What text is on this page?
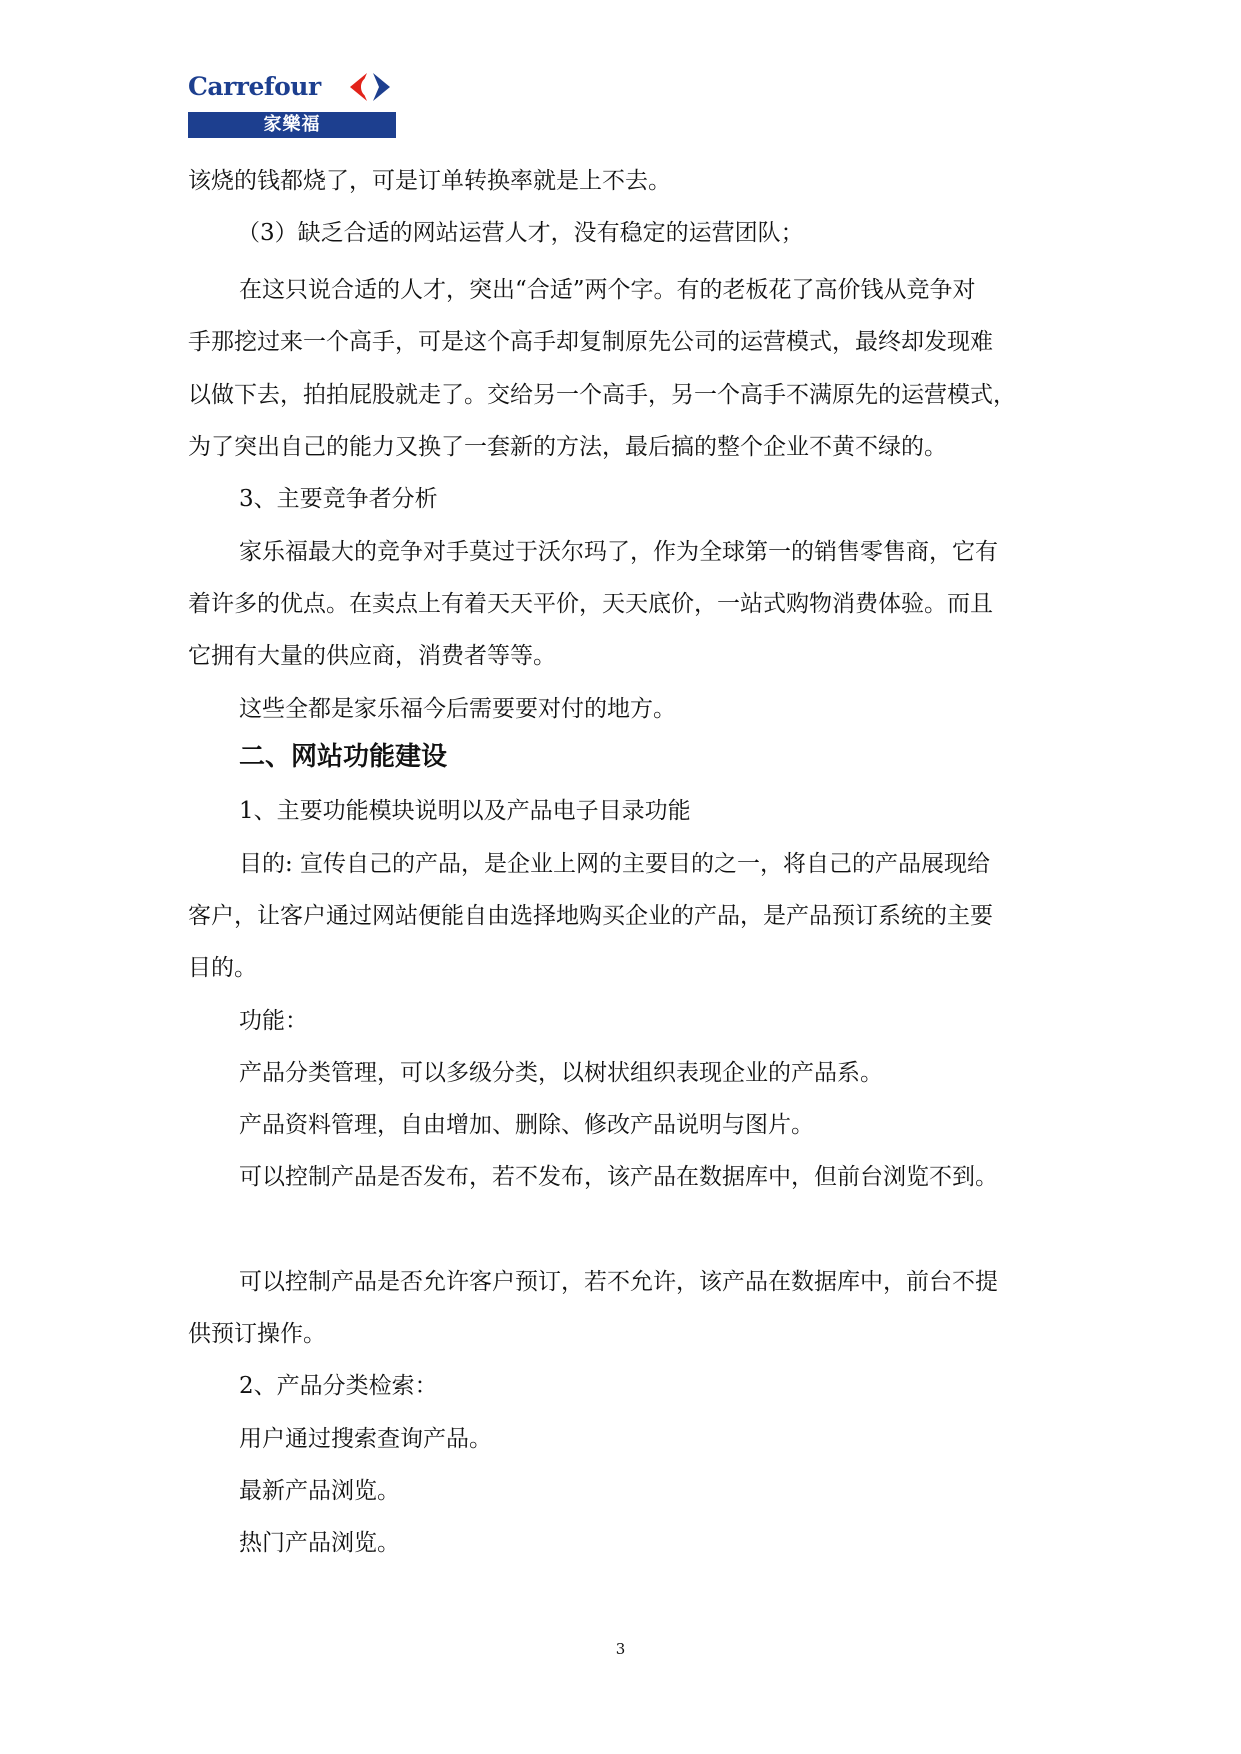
Carrefour
家樂福

该烧的钱都烧了，可是订单转换率就是上不去。

（3）缺乏合适的网站运营人才，没有稳定的运营团队；

在这只说合适的人才，突出“合适”两个字。有的老板花了高价钱从竞争对

手那挖过来一个高手，可是这个高手却复制原先公司的运营模式，最终却发现难

以做下去，拍拍屁股就走了。交给另一个高手，另一个高手不满原先的运营模式，

为了突出自己的能力又换了一套新的方法，最后搞的整个企业不黄不绿的。

3、主要竞争者分析

家乐福最大的竞争对手莫过于沃尔玛了，作为全球第一的销售零售商，它有

着许多的优点。在卖点上有着天天平价，天天底价，一站式购物消费体验。而且

它拥有大量的供应商，消费者等等。

这些全都是家乐福今后需要要对付的地方。

二、网站功能建设

1、主要功能模块说明以及产品电子目录功能

目的: 宣传自己的产品，是企业上网的主要目的之一，将自己的产品展现给

客户，让客户通过网站便能自由选择地购买企业的产品，是产品预订系统的主要

目的。

功能：

产品分类管理，可以多级分类，以树状组织表现企业的产品系。

产品资料管理，自由增加、删除、修改产品说明与图片。

可以控制产品是否发布，若不发布，该产品在数据库中，但前台浏览不到。

可以控制产品是否允许客户预订，若不允许，该产品在数据库中，前台不提

供预订操作。

2、产品分类检索：

用户通过搜索查询产品。

最新产品浏览。

热门产品浏览。

3
